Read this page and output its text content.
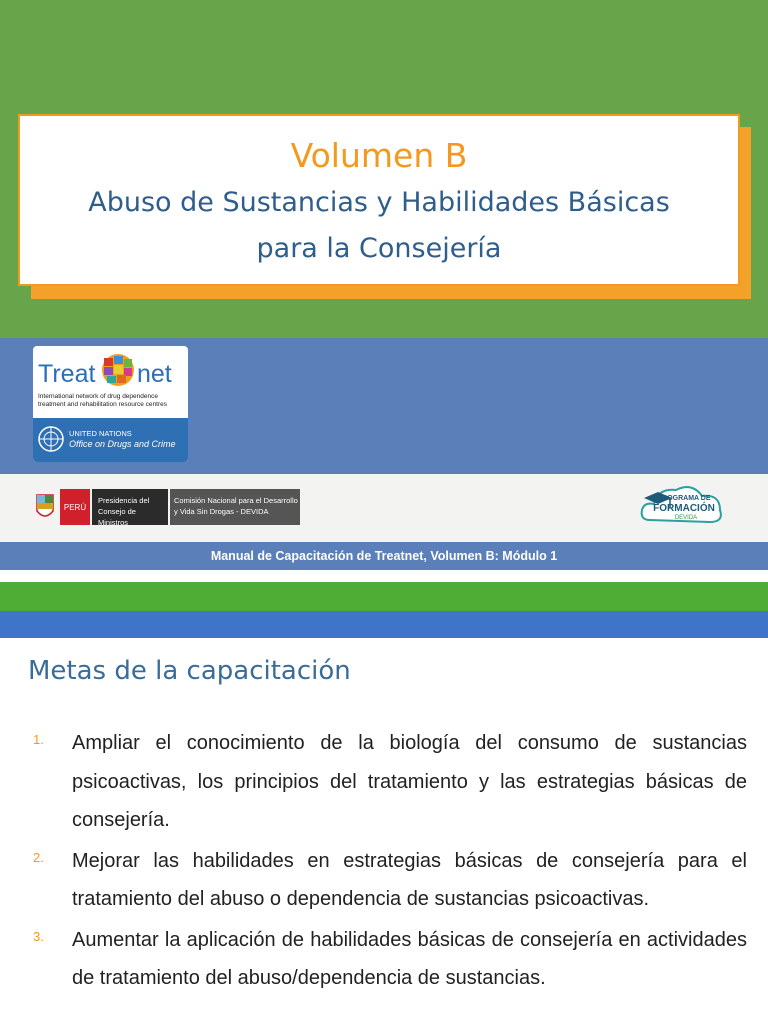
Volumen B
Abuso de Sustancias y Habilidades Básicas
para la Consejería
Treat net
International network of drug dependence treatment and rehabilitation resource centres
UNITED NATIONS
Office on Drugs and Crime
PERÚ
Presidencia del
Consejo de Ministros
Comisión Nacional para el Desarrollo
y Vida Sin Drogas - DEVIDA
PROGRAMA DE
FORMACIÓN
DEVIDA
Manual de Capacitación de Treatnet, Volumen B: Módulo 1
Metas de la capacitación
1. Ampliar el conocimiento de la biología del consumo de sustancias psicoactivas, los principios del tratamiento y las estrategias básicas de consejería.
2. Mejorar las habilidades en estrategias básicas de consejería para el tratamiento del abuso o dependencia de sustancias psicoactivas.
3. Aumentar la aplicación de habilidades básicas de consejería en actividades de tratamiento del abuso/dependencia de sustancias.
